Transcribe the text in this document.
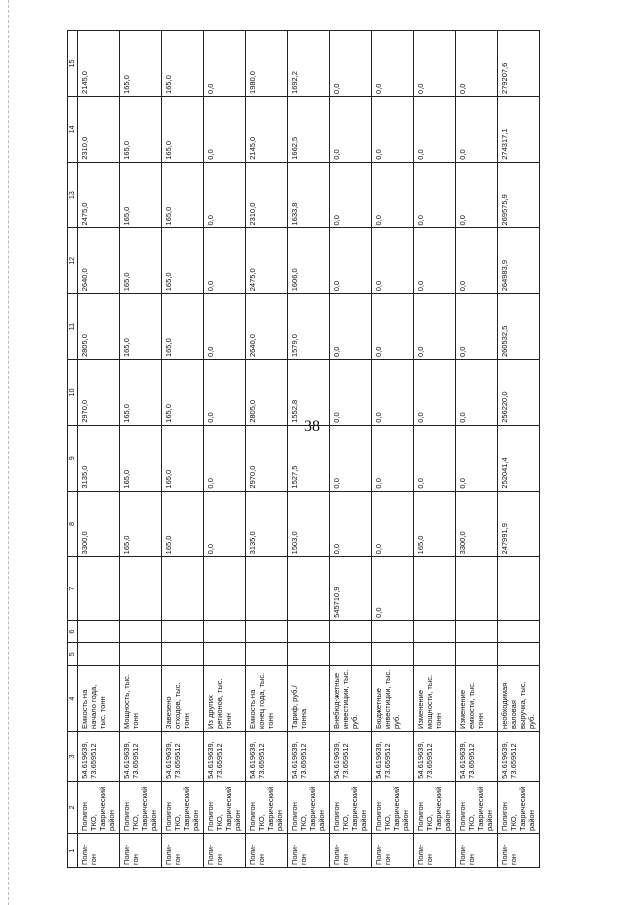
38
1	2	3	4	5	6	7	8	9	10	11	12	13	14	15
Поли-гон	Полигон ТКО, Тавричеcкий район	54.619639, 73.659512	Емкость на начало года, тыс. тонн				3300,0	3135,0	2970,0	2805,0	2640,0	2475,0	2310,0	2145,0
Поли-гон	Полигон ТКО, Тавричеcкий район	54.619639, 73.659512	Мощность, тыс. тонн				165,0	165,0	165,0	165,0	165,0	165,0	165,0	165,0
Поли-гон	Полигон ТКО, Тавричеcкий район	54.619639, 73.659512	Завезено отходов, тыс. тонн				165,0	165,0	165,0	165,0	165,0	165,0	165,0	165,0
Поли-гон	Полигон ТКО, Тавричеcкий район	54.619639, 73.659512	Из других регионов, тыс. тонн				0,0	0,0	0,0	0,0	0,0	0,0	0,0	0,0
Поли-гон	Полигон ТКО, Тавричеcкий район	54.619639, 73.659512	Емкость на конец года, тыс. тонн				3135,0	2970,0	2805,0	2640,0	2475,0	2310,0	2145,0	1980,0
Поли-гон	Полигон ТКО, Тавричеcкий район	54.619639, 73.659512	Тариф, руб./тонна				1503,0	1527,5	1552,8	1579,0	1606,0	1633,8	1662,5	1692,2
Поли-гон	Полигон ТКО, Тавричеcкий район	54.619639, 73.659512	Внебюд-жетные инвестиции, тыс. руб.			545710,9	0,0	0,0	0,0	0,0	0,0	0,0	0,0	0,0
Поли-гон	Полигон ТКО, Тавричеcкий район	54.619639, 73.659512	Бюджетные инвестиции, тыс. руб.			0,0	0,0	0,0	0,0	0,0	0,0	0,0	0,0	0,0
Поли-гон	Полигон ТКО, Тавричеcкий район	54.619639, 73.659512	Изменение мощности, тыс. тонн				165,0	0,0	0,0	0,0	0,0	0,0	0,0	0,0
Поли-гон	Полигон ТКО, Тавричеcкий район	54.619639, 73.659512	Изменение емкости, тыс. тонн				3300,0	0,0	0,0	0,0	0,0	0,0	0,0	0,0
Поли-гон	Полигон ТКО, Тавричеcкий район	54.619639, 73.659512	необходимая валовая выручка, тыс. руб.				247991,9	252041,4	256220,0	260532,5	264983,9	269575,9	274317,1	279207,6
